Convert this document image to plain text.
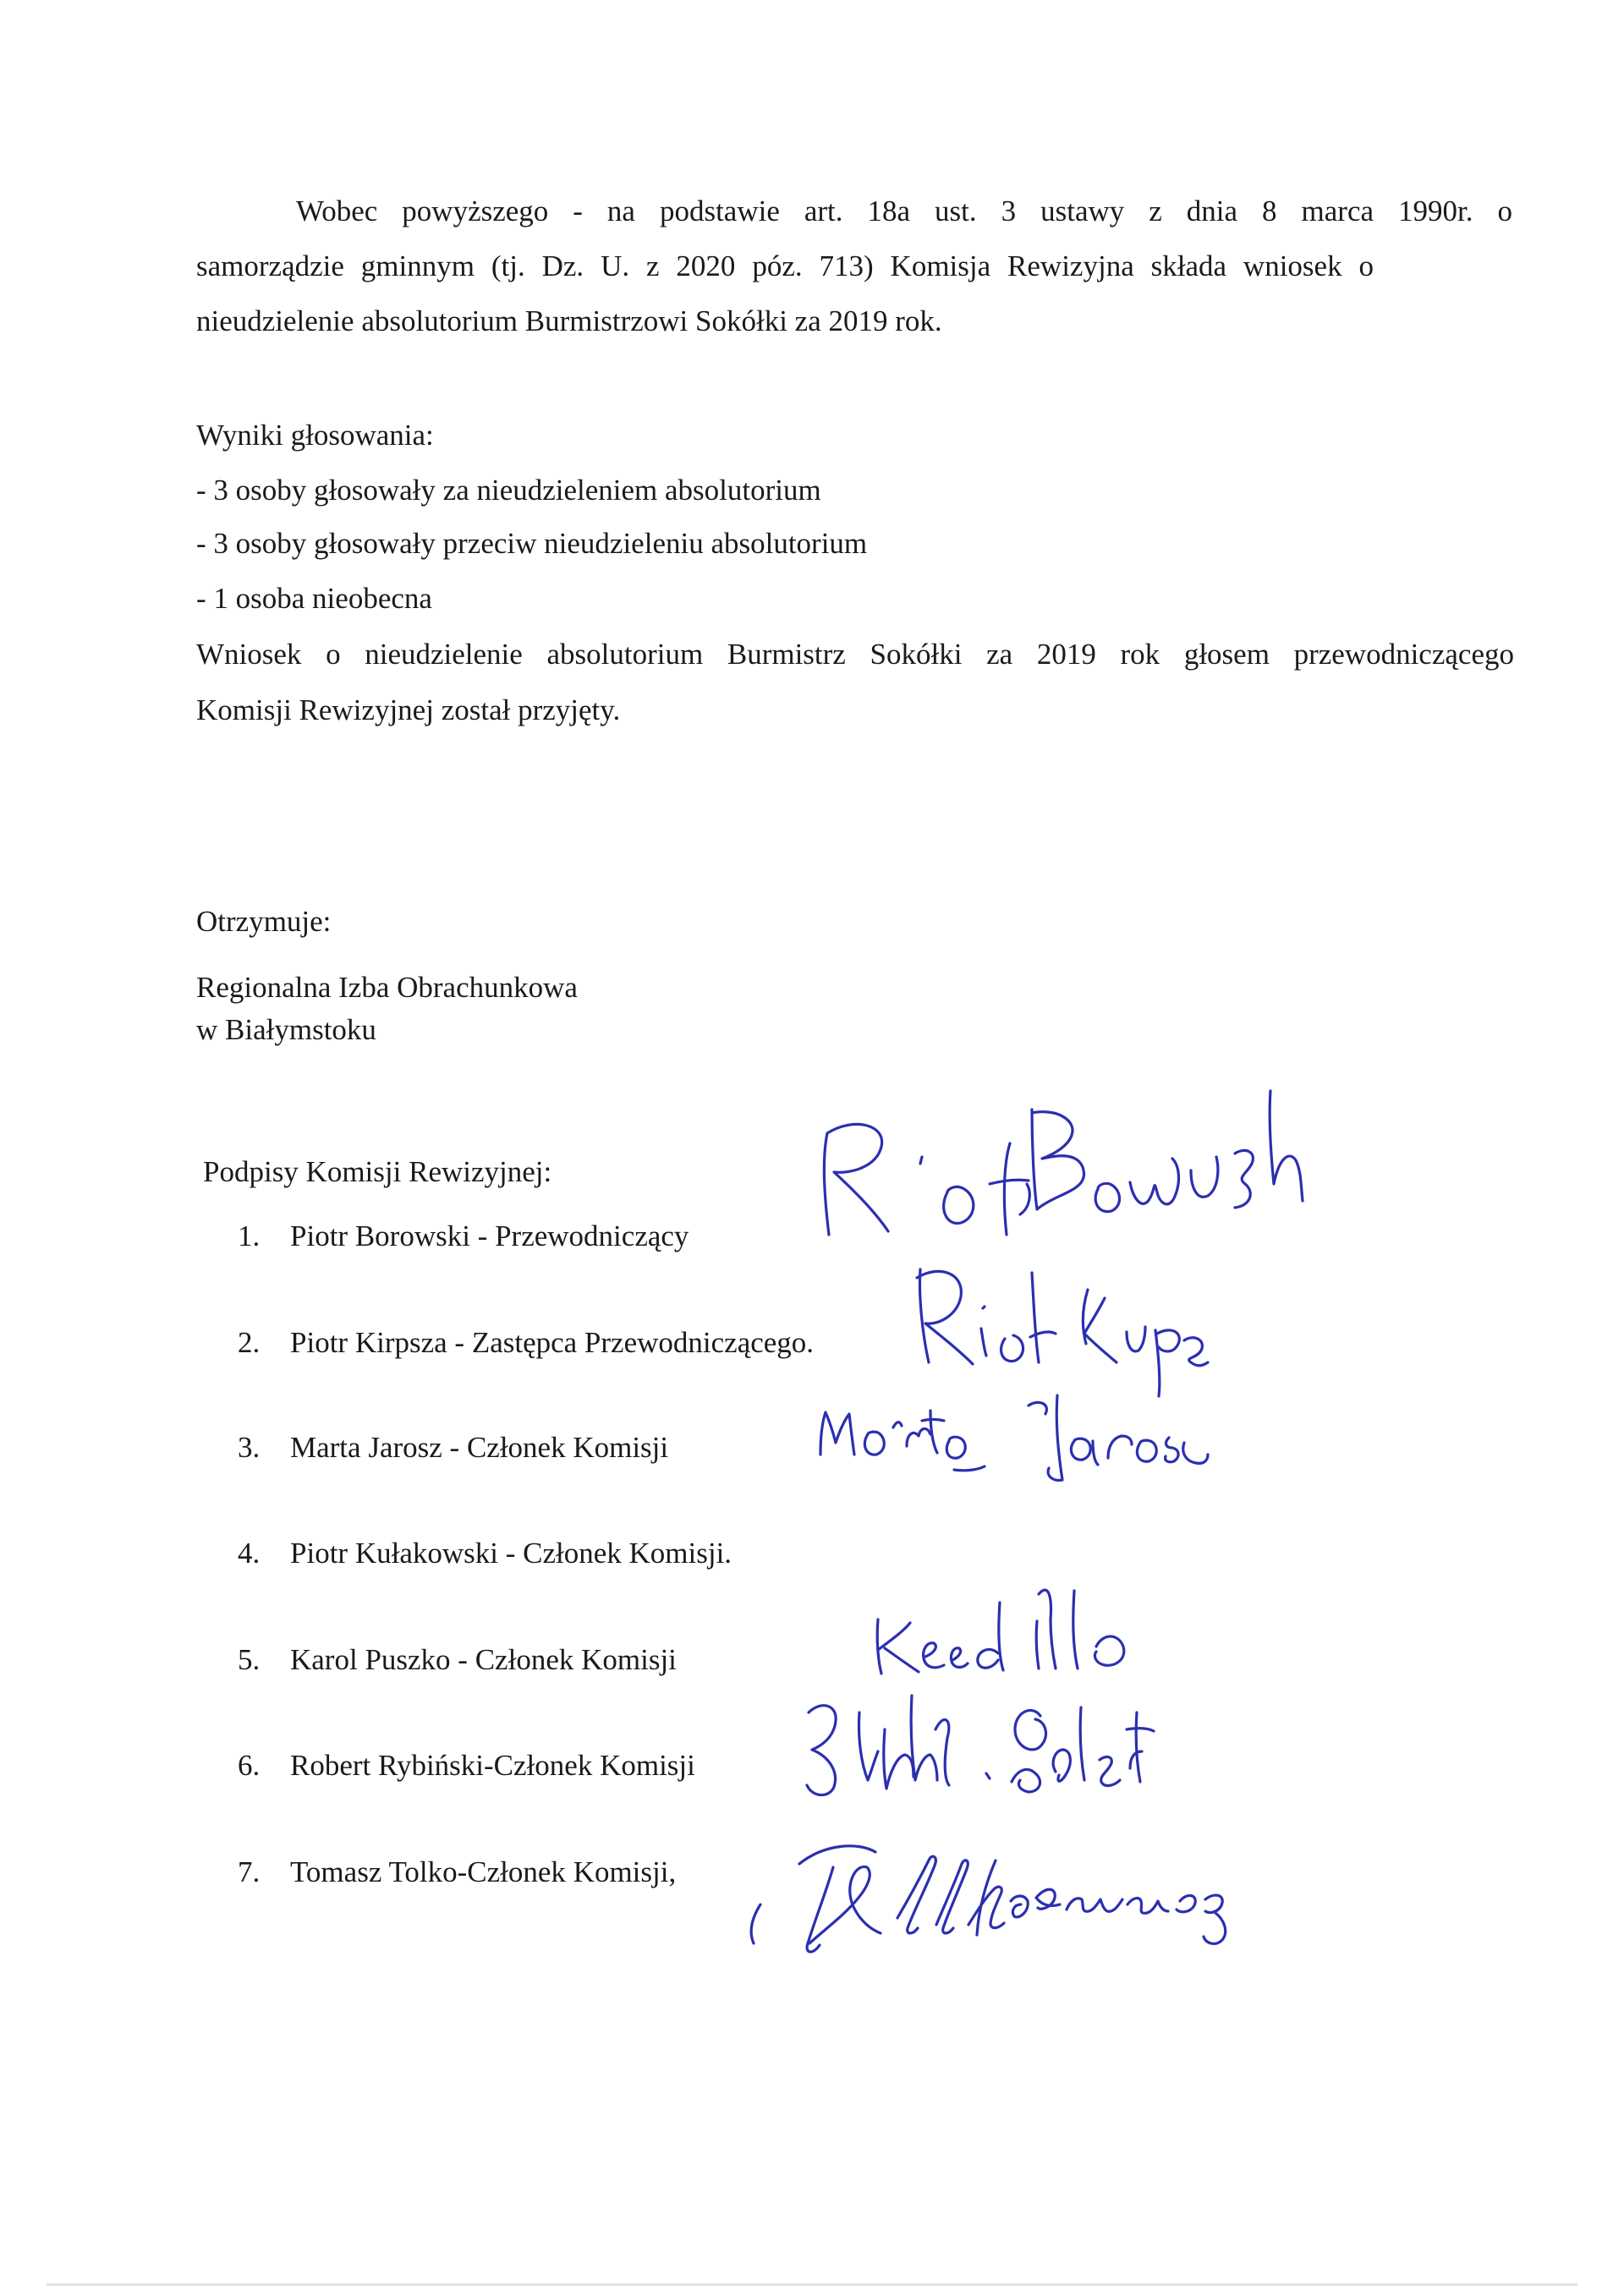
Wobec powyższego - na podstawie art. 18a ust. 3 ustawy z dnia 8 marca 1990r. o

samorządzie gminnym (tj. Dz. U. z 2020 póz. 713) Komisja Rewizyjna składa wniosek o

nieudzielenie absolutorium Burmistrzowi Sokółki za 2019 rok.

Wyniki głosowania:

- 3 osoby głosowały za nieudzieleniem absolutorium

- 3 osoby głosowały przeciw nieudzieleniu absolutorium

- 1 osoba nieobecna

Wniosek o nieudzielenie absolutorium Burmistrz Sokółki za 2019 rok głosem przewodniczącego

Komisji Rewizyjnej został przyjęty.

Otrzymuje:

Regionalna Izba Obrachunkowa

w Białymstoku

Podpisy Komisji Rewizyjnej:

1. Piotr Borowski - Przewodniczący

2. Piotr Kirpsza - Zastępca Przewodniczącego.

3. Marta Jarosz - Członek Komisji

4. Piotr Kułakowski - Członek Komisji.

5. Karol Puszko - Członek Komisji

6. Robert Rybiński-Członek Komisji

7. Tomasz Tolko-Członek Komisji,
